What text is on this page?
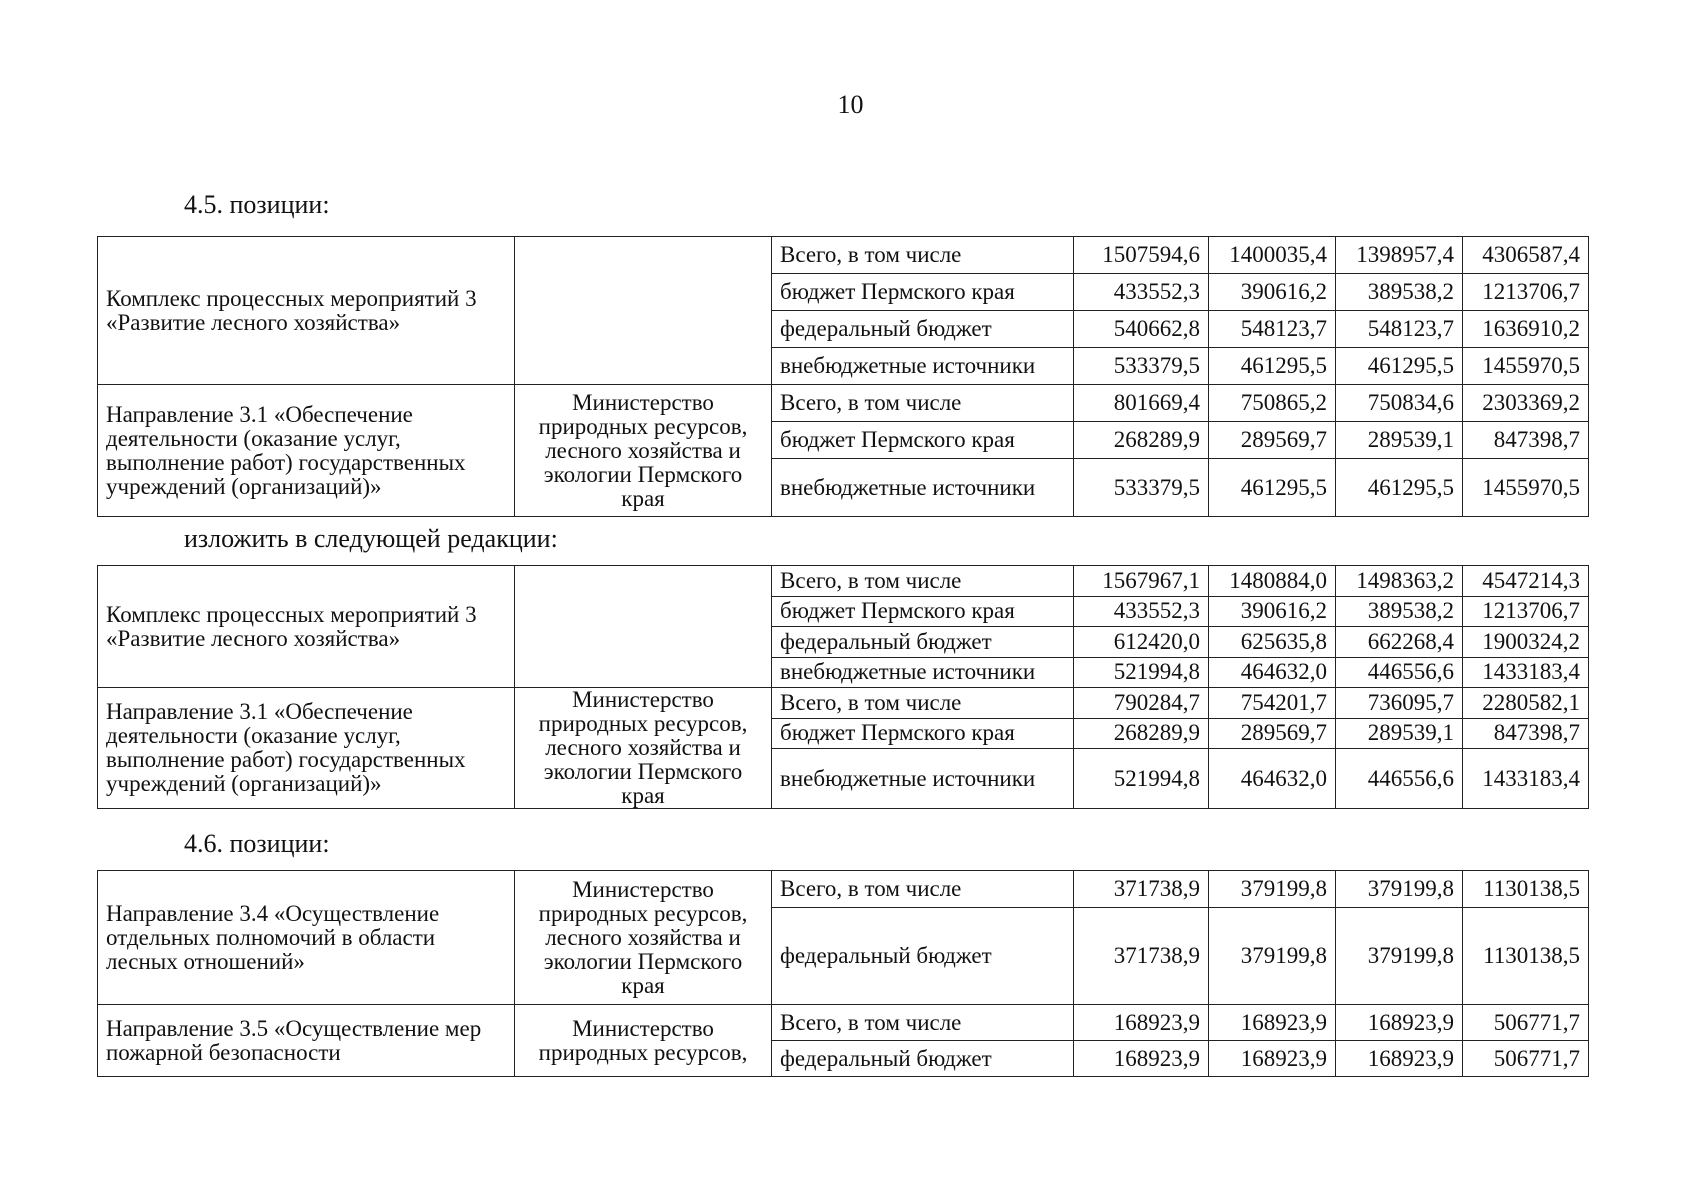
10
4.5. позиции:
Комплекс процессных мероприятий 3 «Развитие лесного хозяйства»		Всего, в том числе	1507594,6	1400035,4	1398957,4	4306587,4
		бюджет Пермского края	433552,3	390616,2	389538,2	1213706,7
		федеральный бюджет	540662,8	548123,7	548123,7	1636910,2
		внебюджетные источники	533379,5	461295,5	461295,5	1455970,5
Направление 3.1 «Обеспечение деятельности (оказание услуг, выполнение работ) государственных учреждений (организаций)»	Министерство природных ресурсов, лесного хозяйства и экологии Пермского края	Всего, в том числе	801669,4	750865,2	750834,6	2303369,2
		бюджет Пермского края	268289,9	289569,7	289539,1	847398,7
		внебюджетные источники	533379,5	461295,5	461295,5	1455970,5
изложить в следующей редакции:
Комплекс процессных мероприятий 3 «Развитие лесного хозяйства»		Всего, в том числе	1567967,1	1480884,0	1498363,2	4547214,3
		бюджет Пермского края	433552,3	390616,2	389538,2	1213706,7
		федеральный бюджет	612420,0	625635,8	662268,4	1900324,2
		внебюджетные источники	521994,8	464632,0	446556,6	1433183,4
Направление 3.1 «Обеспечение деятельности (оказание услуг, выполнение работ) государственных учреждений (организаций)»	Министерство природных ресурсов, лесного хозяйства и экологии Пермского края	Всего, в том числе	790284,7	754201,7	736095,7	2280582,1
		бюджет Пермского края	268289,9	289569,7	289539,1	847398,7
		внебюджетные источники	521994,8	464632,0	446556,6	1433183,4
4.6. позиции:
Направление 3.4 «Осуществление отдельных полномочий в области лесных отношений»	Министерство природных ресурсов, лесного хозяйства и экологии Пермского края	Всего, в том числе	371738,9	379199,8	379199,8	1130138,5
		федеральный бюджет	371738,9	379199,8	379199,8	1130138,5
Направление 3.5 «Осуществление мер пожарной безопасности	Министерство природных ресурсов,	Всего, в том числе	168923,9	168923,9	168923,9	506771,7
		федеральный бюджет	168923,9	168923,9	168923,9	506771,7
